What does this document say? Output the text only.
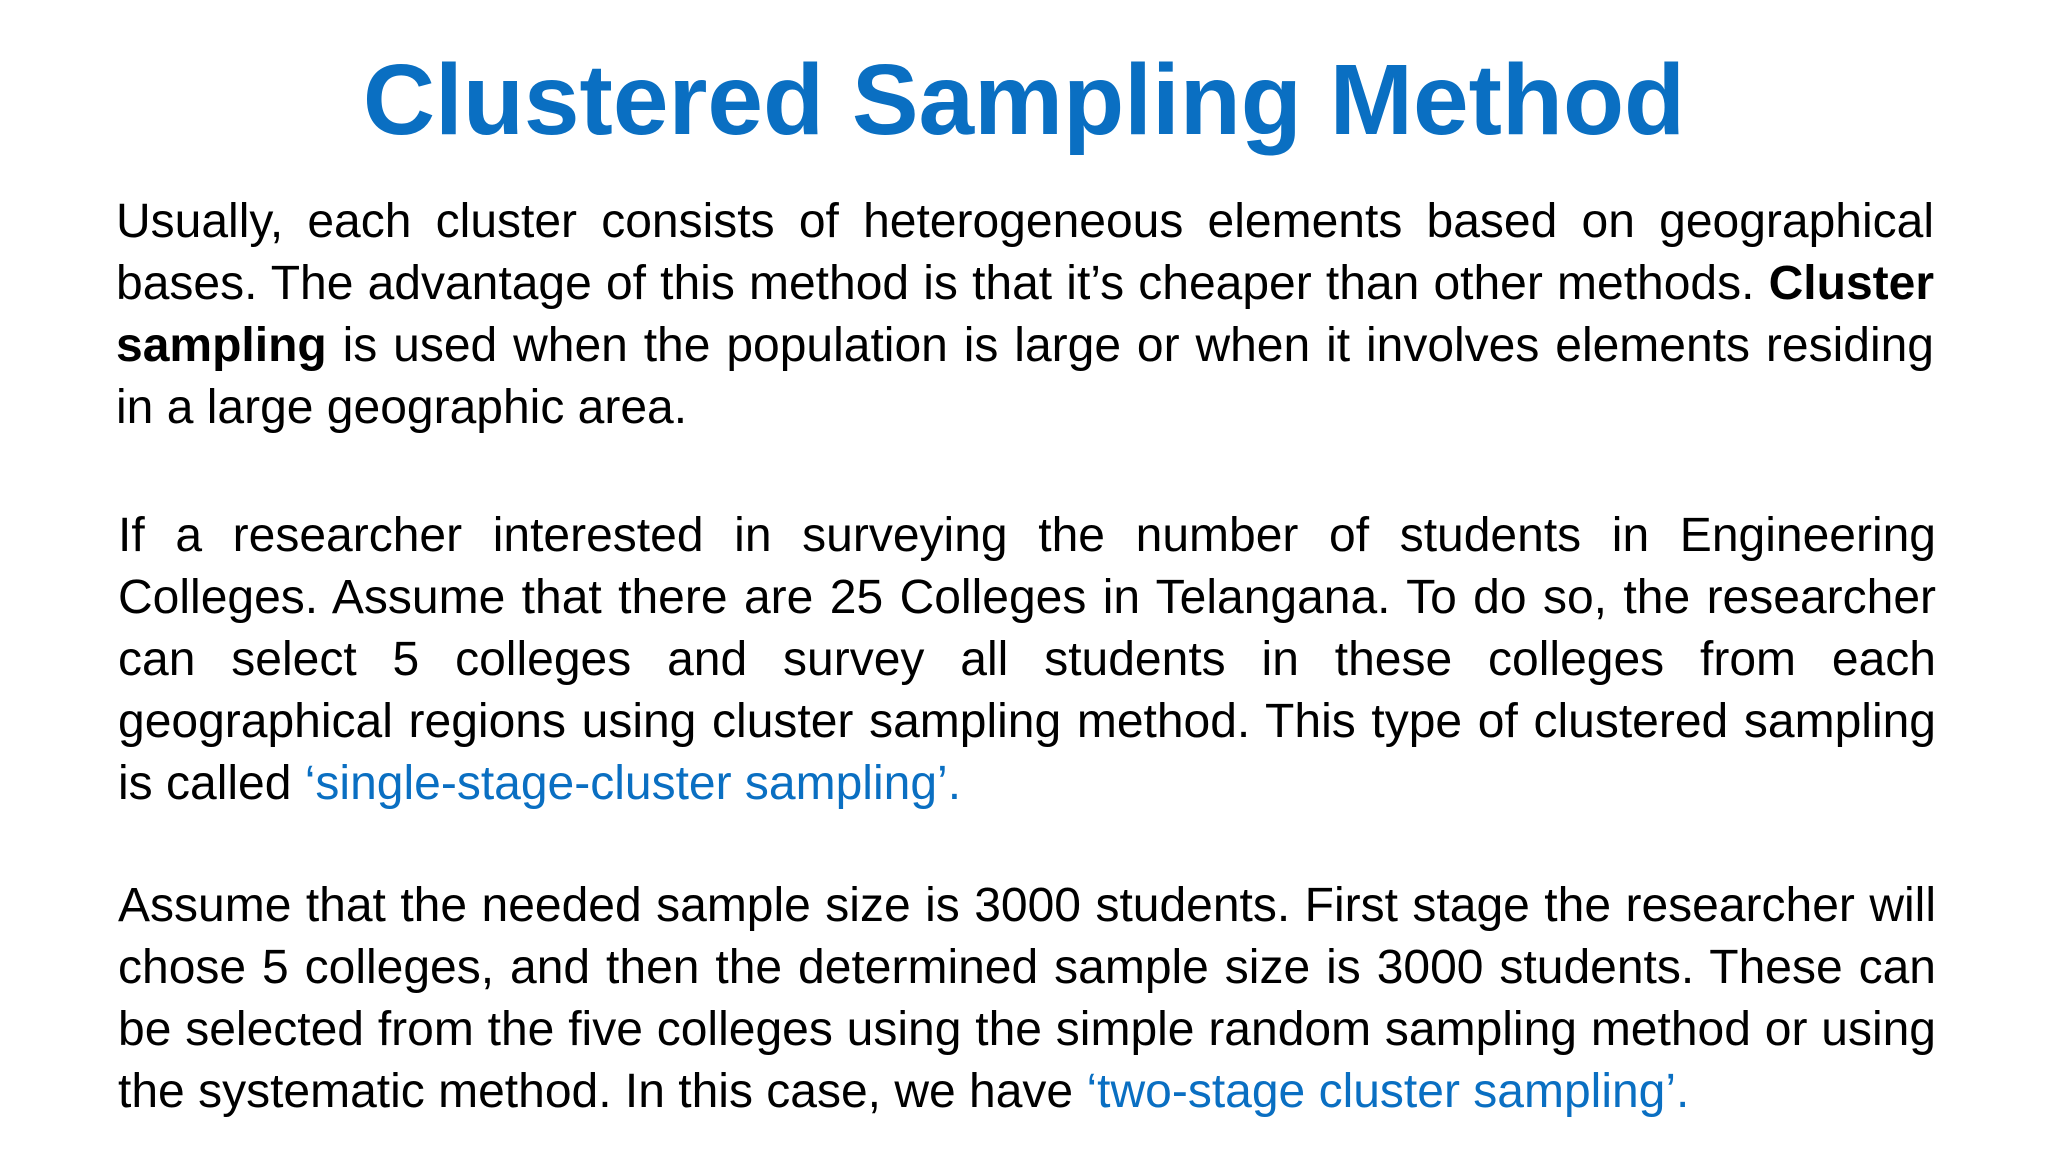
Clustered Sampling Method

Usually, each cluster consists of heterogeneous elements based on geographical bases. The advantage of this method is that it’s cheaper than other methods. Cluster sampling is used when the population is large or when it involves elements residing in a large geographic area.

If a researcher interested in surveying the number of students in Engineering Colleges. Assume that there are 25 Colleges in Telangana. To do so, the researcher can select 5 colleges and survey all students in these colleges from each geographical regions using cluster sampling method. This type of clustered sampling is called ‘single-stage-cluster sampling’.

Assume that the needed sample size is 3000 students. First stage the researcher will chose 5 colleges, and then the determined sample size is 3000 students. These can be selected from the five colleges using the simple random sampling method or using the systematic method. In this case, we have ‘two-stage cluster sampling’.
